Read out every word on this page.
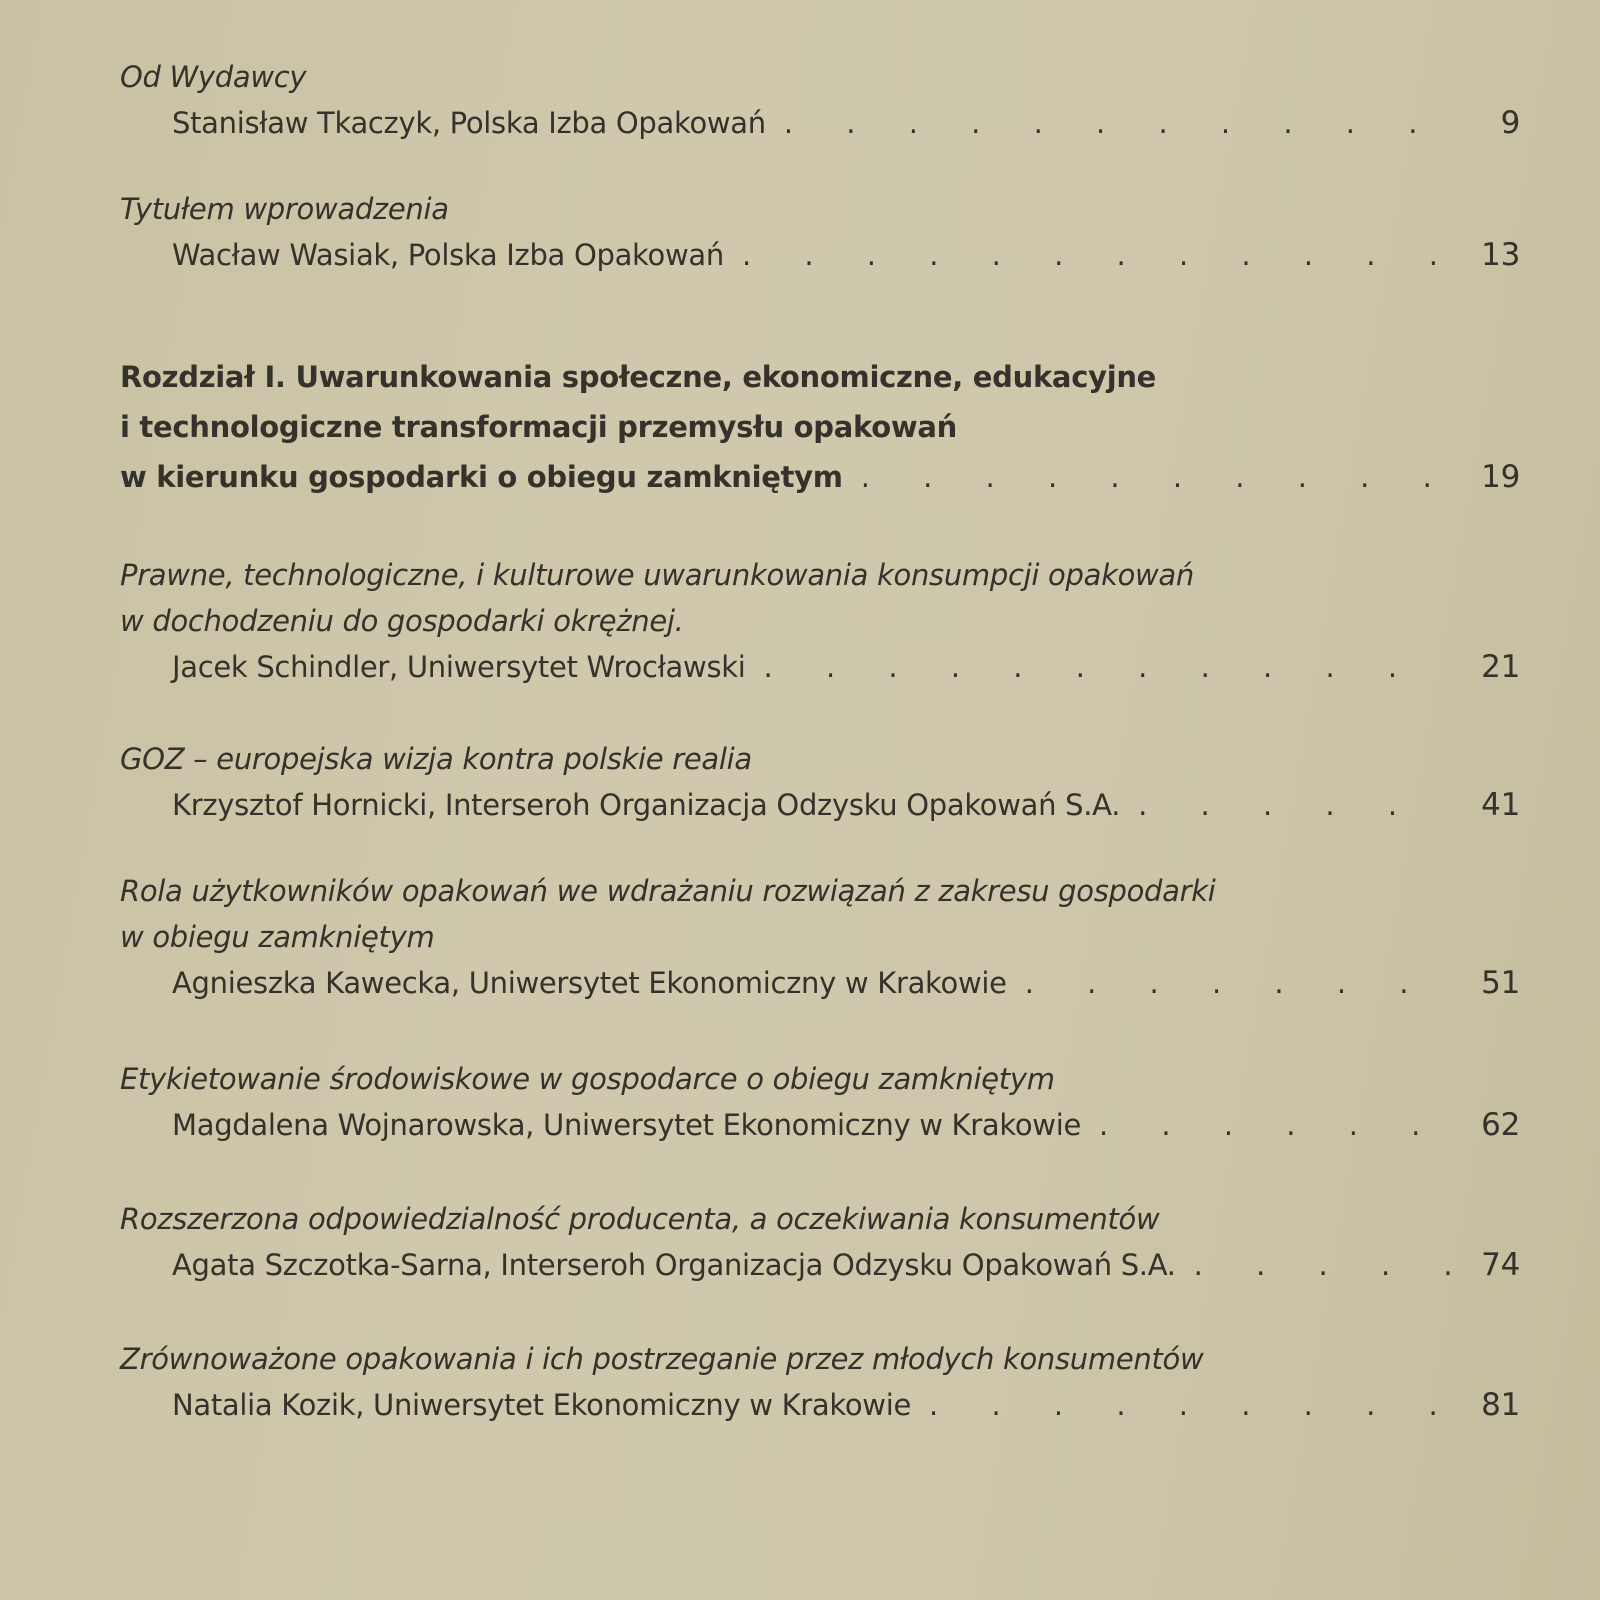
Od Wydawcy
Stanisław Tkaczyk, Polska Izba Opakowań . . .	9
Tytułem wprowadzenia
Wacław Wasiak, Polska Izba Opakowań . . .	13
Rozdział I. Uwarunkowania społeczne, ekonomiczne, edukacyjne
i technologiczne transformacji przemysłu opakowań
w kierunku gospodarki o obiegu zamkniętym . . .	19
Prawne, technologiczne, i kulturowe uwarunkowania konsumpcji opakowań
w dochodzeniu do gospodarki okrężnej.
Jacek Schindler, Uniwersytet Wrocławski . . .	21
GOZ – europejska wizja kontra polskie realia
Krzysztof Hornicki, Interseroh Organizacja Odzysku Opakowań S.A. . . .	41
Rola użytkowników opakowań we wdrażaniu rozwiązań z zakresu gospodarki
w obiegu zamkniętym
Agnieszka Kawecka, Uniwersytet Ekonomiczny w Krakowie . . .	51
Etykietowanie środowiskowe w gospodarce o obiegu zamkniętym
Magdalena Wojnarowska, Uniwersytet Ekonomiczny w Krakowie . . .	62
Rozszerzona odpowiedzialność producenta, a oczekiwania konsumentów
Agata Szczotka-Sarna, Interseroh Organizacja Odzysku Opakowań S.A. . . .	74
Zrównoważone opakowania i ich postrzeganie przez młodych konsumentów
Natalia Kozik, Uniwersytet Ekonomiczny w Krakowie . . .	81
